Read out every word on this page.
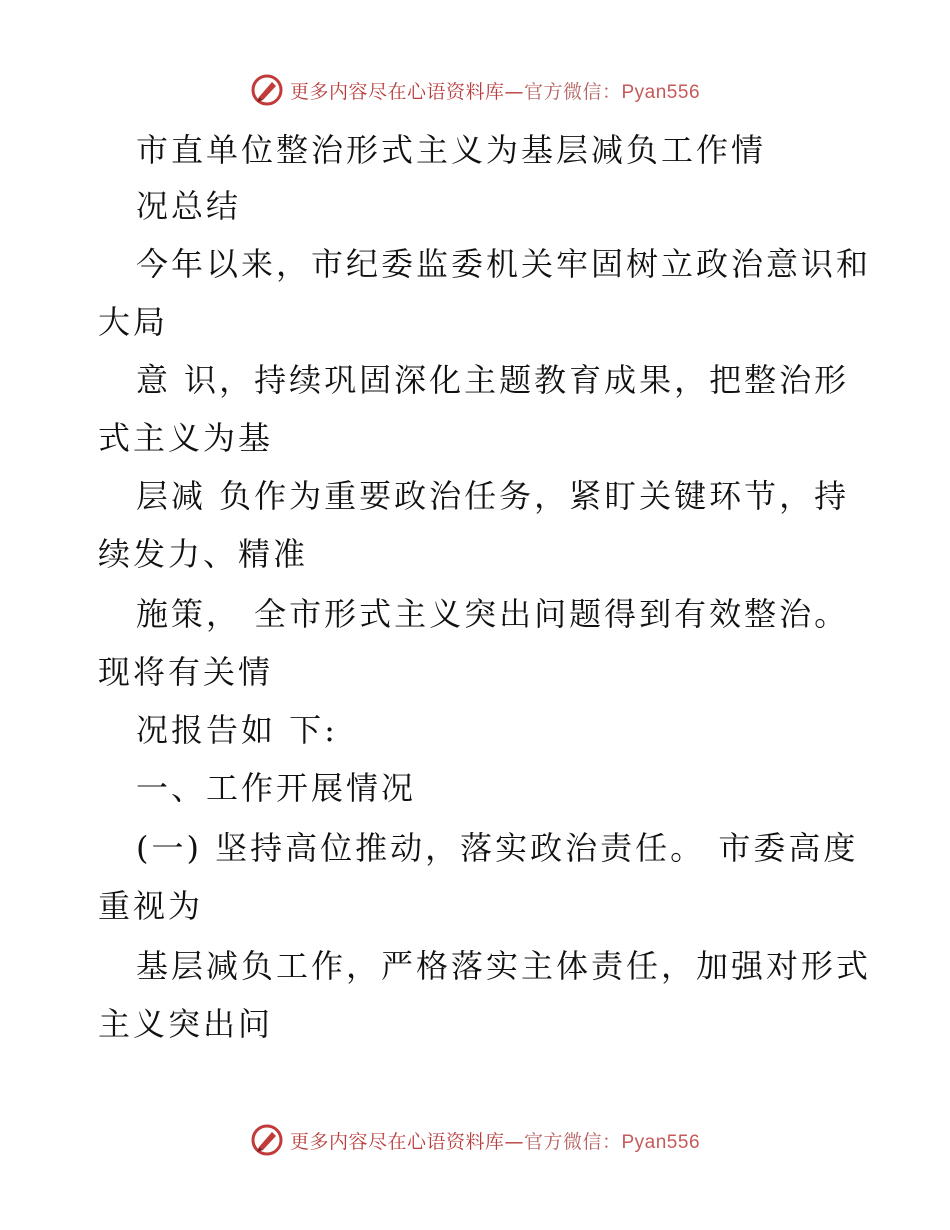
更多内容尽在心语资料库—官方微信：Pyan556
市直单位整治形式主义为基层减负工作情
况总结
今年以来，市纪委监委机关牢固树立政治意识和
大局
意 识，持续巩固深化主题教育成果，把整治形
式主义为基
层减 负作为重要政治任务，紧盯关键环节，持
续发力、精准
施策， 全市形式主义突出问题得到有效整治。
现将有关情
况报告如 下:
一、工作开展情况
(一) 坚持高位推动，落实政治责任。 市委高度
重视为
基层减负工作，严格落实主体责任，加强对形式
主义突出问
更多内容尽在心语资料库—官方微信：Pyan556
